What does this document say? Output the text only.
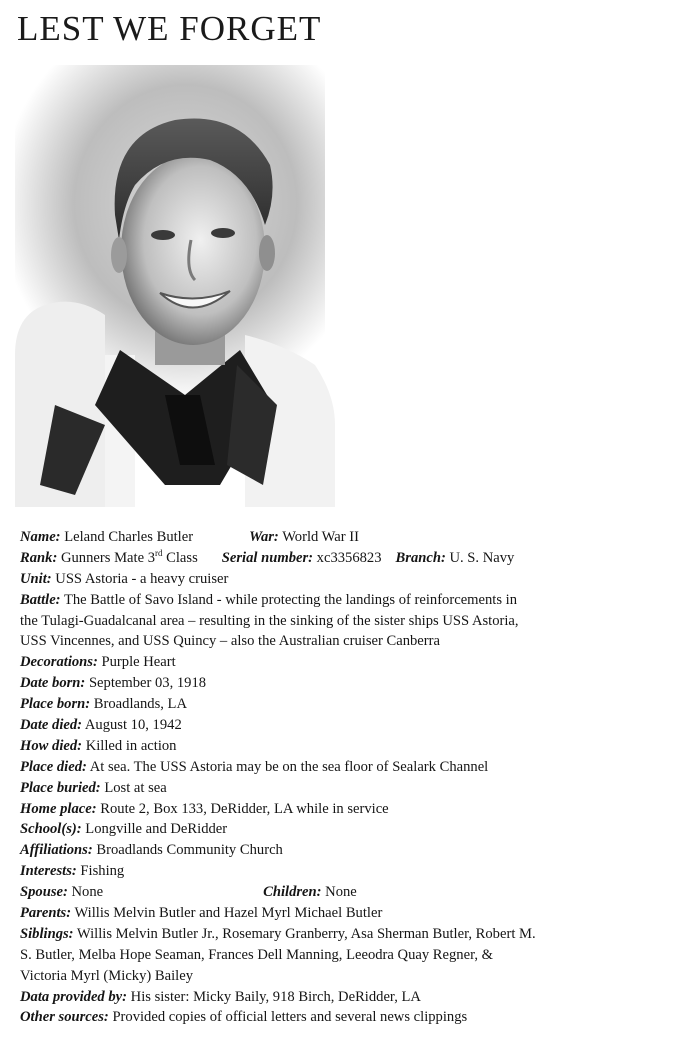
LEST WE FORGET
Name: Leland Charles Butler	War: World War II
Rank: Gunners Mate 3rd Class Serial number: xc3356823 Branch: U. S. Navy
Unit: USS Astoria - a heavy cruiser
Battle: The Battle of Savo Island - while protecting the landings of reinforcements in
the Tulagi-Guadalcanal area – resulting in the sinking of the sister ships USS Astoria,
USS Vincennes, and USS Quincy – also the Australian cruiser Canberra
Decorations: Purple Heart
Date born: September 03, 1918
Place born: Broadlands, LA
Date died: August 10, 1942
How died: Killed in action
Place died: At sea. The USS Astoria may be on the sea floor of Sealark Channel
Place buried: Lost at sea
Home place: Route 2, Box 133, DeRidder, LA while in service
School(s): Longville and DeRidder
Affiliations: Broadlands Community Church
Interests: Fishing
Spouse: None	Children: None
Parents: Willis Melvin Butler and Hazel Myrl Michael Butler
Siblings: Willis Melvin Butler Jr., Rosemary Granberry, Asa Sherman Butler, Robert M.
S. Butler, Melba Hope Seaman, Frances Dell Manning, Leeodra Quay Regner, &
Victoria Myrl (Micky) Bailey
Data provided by: His sister: Micky Baily, 918 Birch, DeRidder, LA
Other sources: Provided copies of official letters and several news clippings
